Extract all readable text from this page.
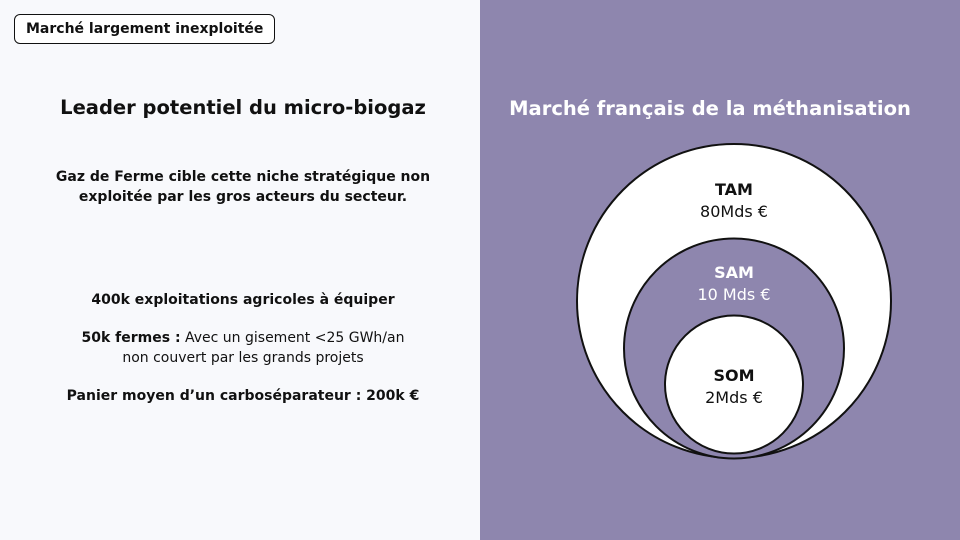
Marché largement inexploitée
Leader potentiel du micro-biogaz
Gaz de Ferme cible cette niche stratégique non
exploitée par les gros acteurs du secteur.
400k exploitations agricoles à équiper
50k fermes : Avec un gisement <25 GWh/an
non couvert par les grands projets
Panier moyen d’un carboséparateur : 200k €
Marché français de la méthanisation
TAM
80Mds €
SAM
10 Mds €
SOM
2Mds €
